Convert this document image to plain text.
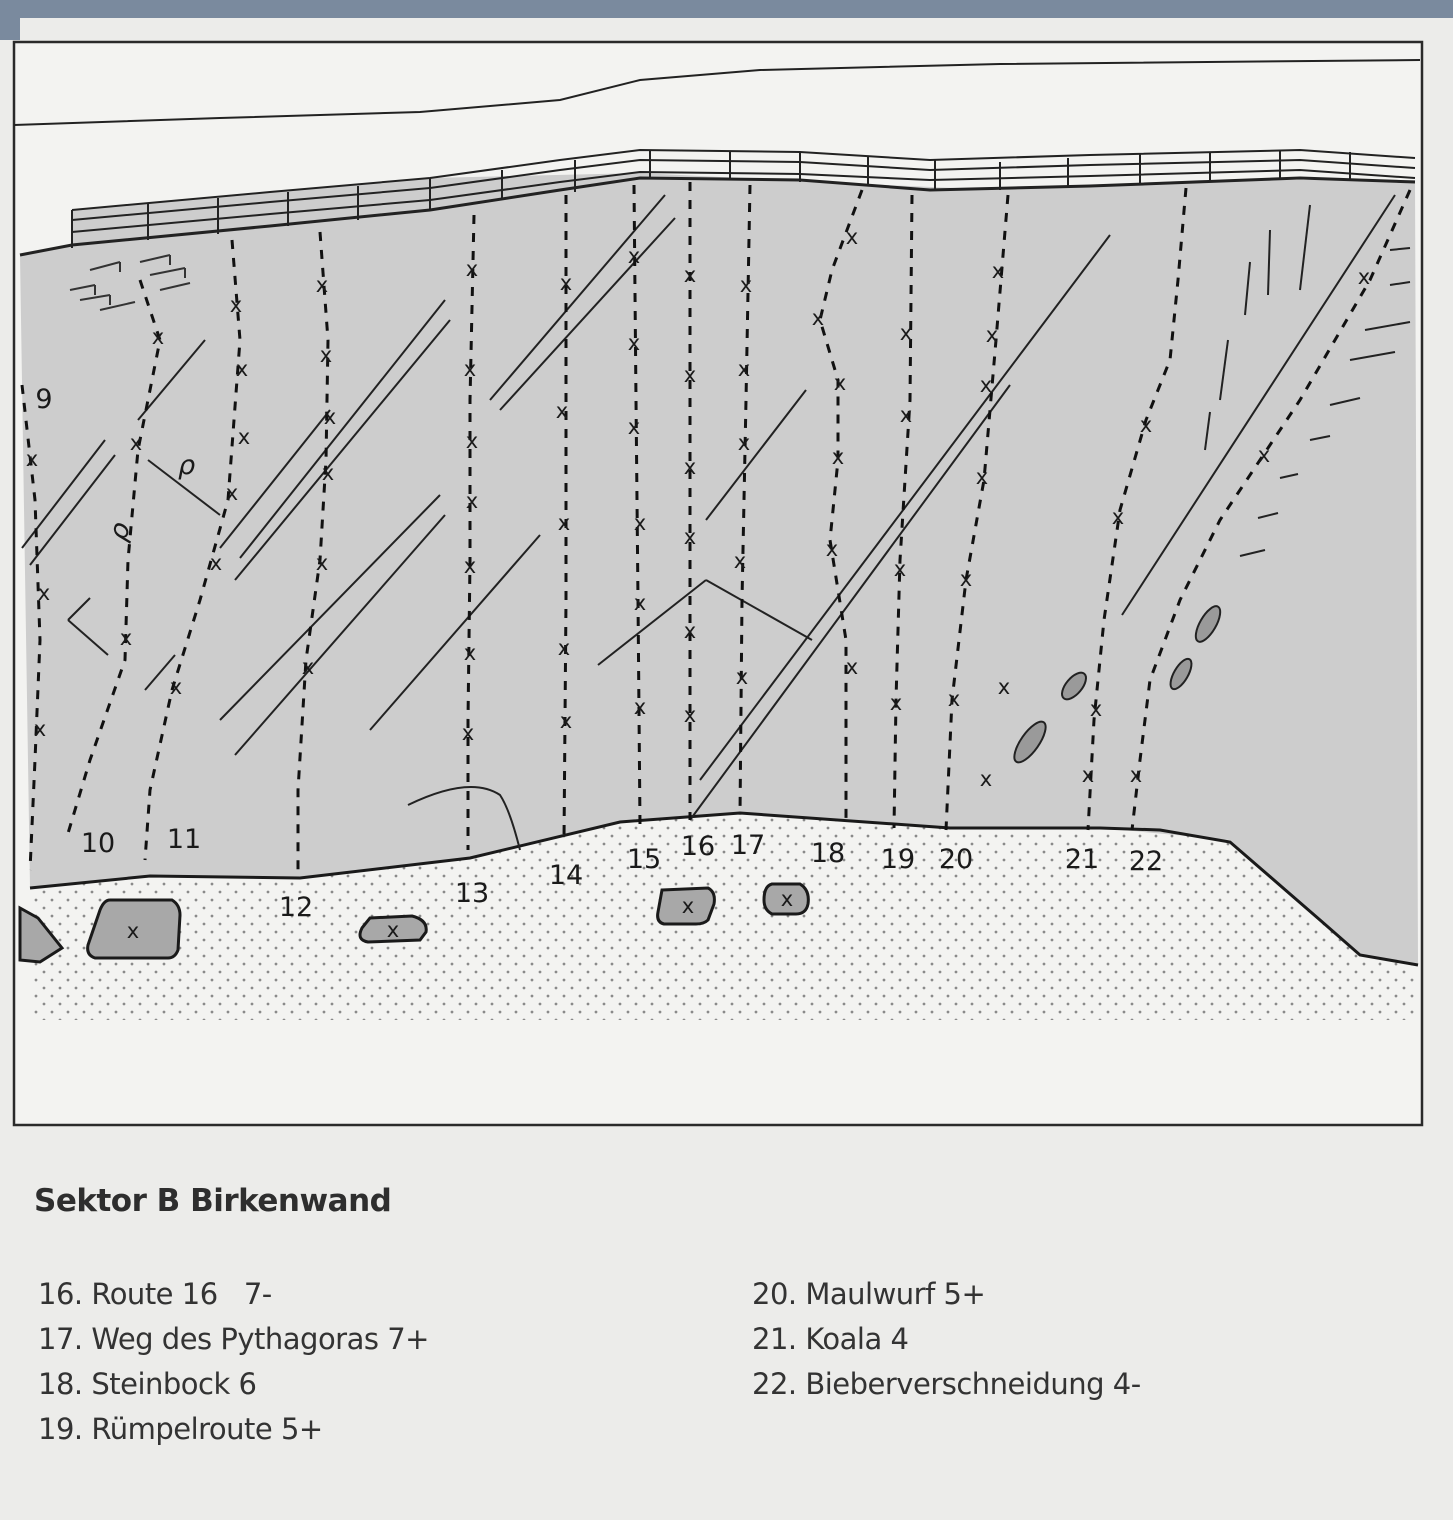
x
x
x
x
x
x
x
x
x
x
x
x
x
x
x
x
x
x
x
x
x
x
x
x
x
x
x
x
x
x
x
x
x
x
x
x
x
x
x
x
x
x
x
x
x
x
x
x
x
x
x
x
x
x
x
x
x
x
x
x
x
x
x x
x
x
x
x
x x
x
x
ρ
ρ
9
10 11
12	13
14
15 16 17 18 19 20	21 22
x	x
x	x
Sektor B Birkenwand
16. Route 16 7-
17. Weg des Pythagoras 7+
18. Steinbock 6
19. Rümpelroute 5+
20. Maulwurf 5+
21. Koala 4
22. Bieberverschneidung 4-
